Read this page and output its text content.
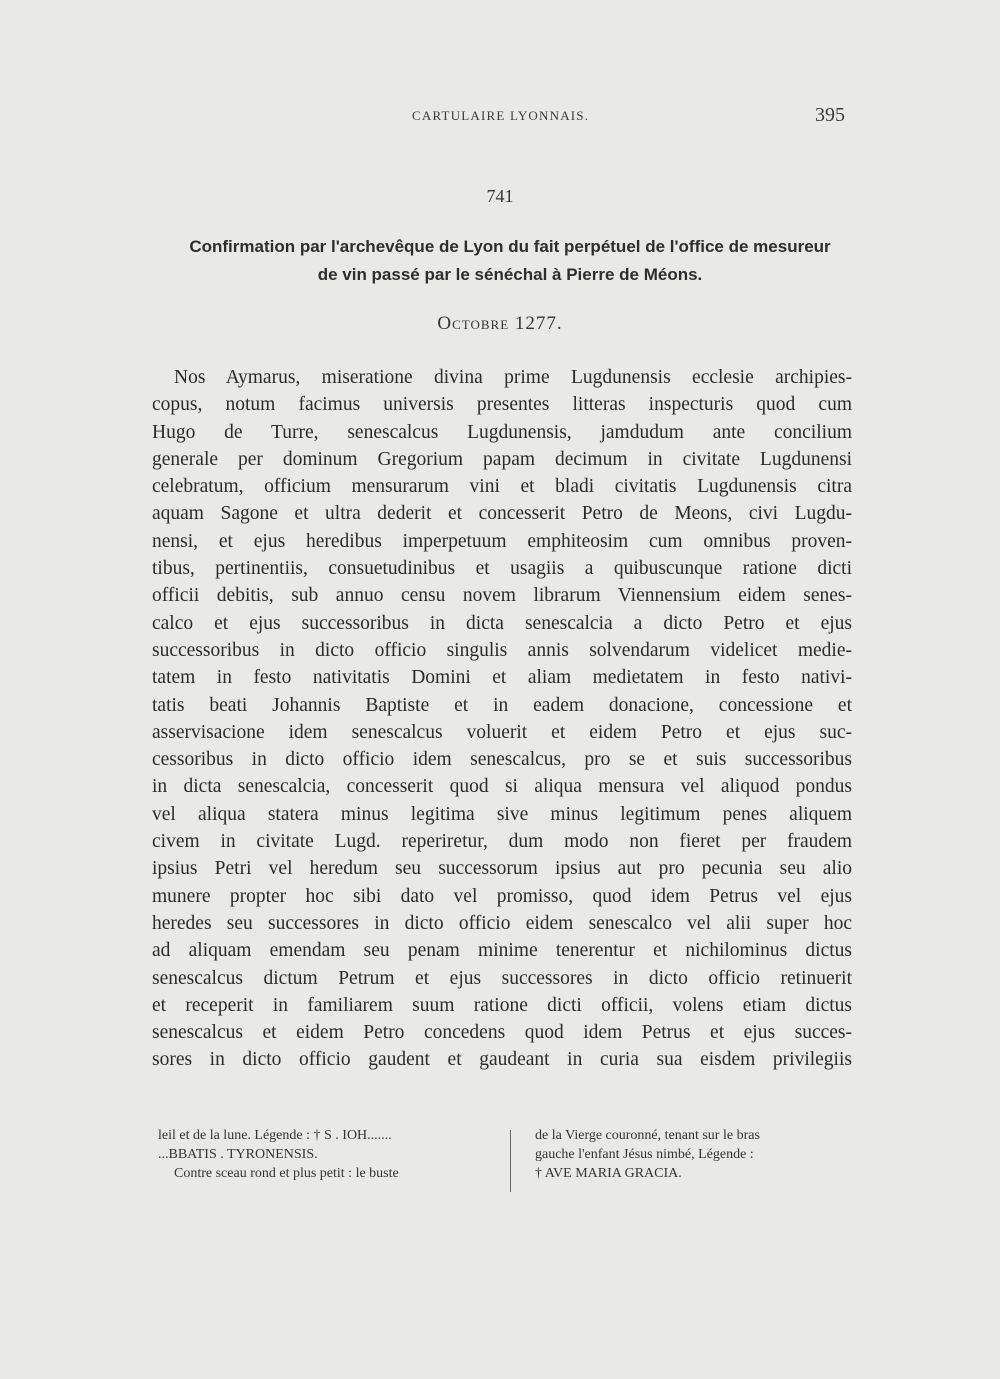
CARTULAIRE LYONNAIS.	395
741
Confirmation par l'archevêque de Lyon du fait perpétuel de l'office de mesureur
de vin passé par le sénéchal à Pierre de Méons.
Octobre 1277.
Nos Aymarus, miseratione divina prime Lugdunensis ecclesie archipies-
copus, notum facimus universis presentes litteras inspecturis quod cum
Hugo de Turre, senescalcus Lugdunensis, jamdudum ante concilium
generale per dominum Gregorium papam decimum in civitate Lugdunensi
celebratum, officium mensurarum vini et bladi civitatis Lugdunensis citra
aquam Sagone et ultra dederit et concesserit Petro de Meons, civi Lugdu-
nensi, et ejus heredibus imperpetuum emphiteosim cum omnibus proven-
tibus, pertinentiis, consuetudinibus et usagiis a quibuscunque ratione dicti
officii debitis, sub annuo censu novem librarum Viennensium eidem senes-
calco et ejus successoribus in dicta senescalcia a dicto Petro et ejus
successoribus in dicto officio singulis annis solvendarum videlicet medie-
tatem in festo nativitatis Domini et aliam medietatem in festo nativi-
tatis beati Johannis Baptiste et in eadem donacione, concessione et
asservisacione idem senescalcus voluerit et eidem Petro et ejus suc-
cessoribus in dicto officio idem senescalcus, pro se et suis successoribus
in dicta senescalcia, concesserit quod si aliqua mensura vel aliquod pondus
vel aliqua statera minus legitima sive minus legitimum penes aliquem
civem in civitate Lugd. reperiretur, dum modo non fieret per fraudem
ipsius Petri vel heredum seu successorum ipsius aut pro pecunia seu alio
munere propter hoc sibi dato vel promisso, quod idem Petrus vel ejus
heredes seu successores in dicto officio eidem senescalco vel alii super hoc
ad aliquam emendam seu penam minime tenerentur et nichilominus dictus
senescalcus dictum Petrum et ejus successores in dicto officio retinuerit
et receperit in familiarem suum ratione dicti officii, volens etiam dictus
senescalcus et eidem Petro concedens quod idem Petrus et ejus succes-
sores in dicto officio gaudent et gaudeant in curia sua eisdem privilegiis
leil et de la lune. Légende : † S . IOH.......
...BBATIS . TYRONENSIS.
Contre sceau rond et plus petit : le buste
de la Vierge couronné, tenant sur le bras
gauche l'enfant Jésus nimbé, Légende :
† AVE MARIA GRACIA.
